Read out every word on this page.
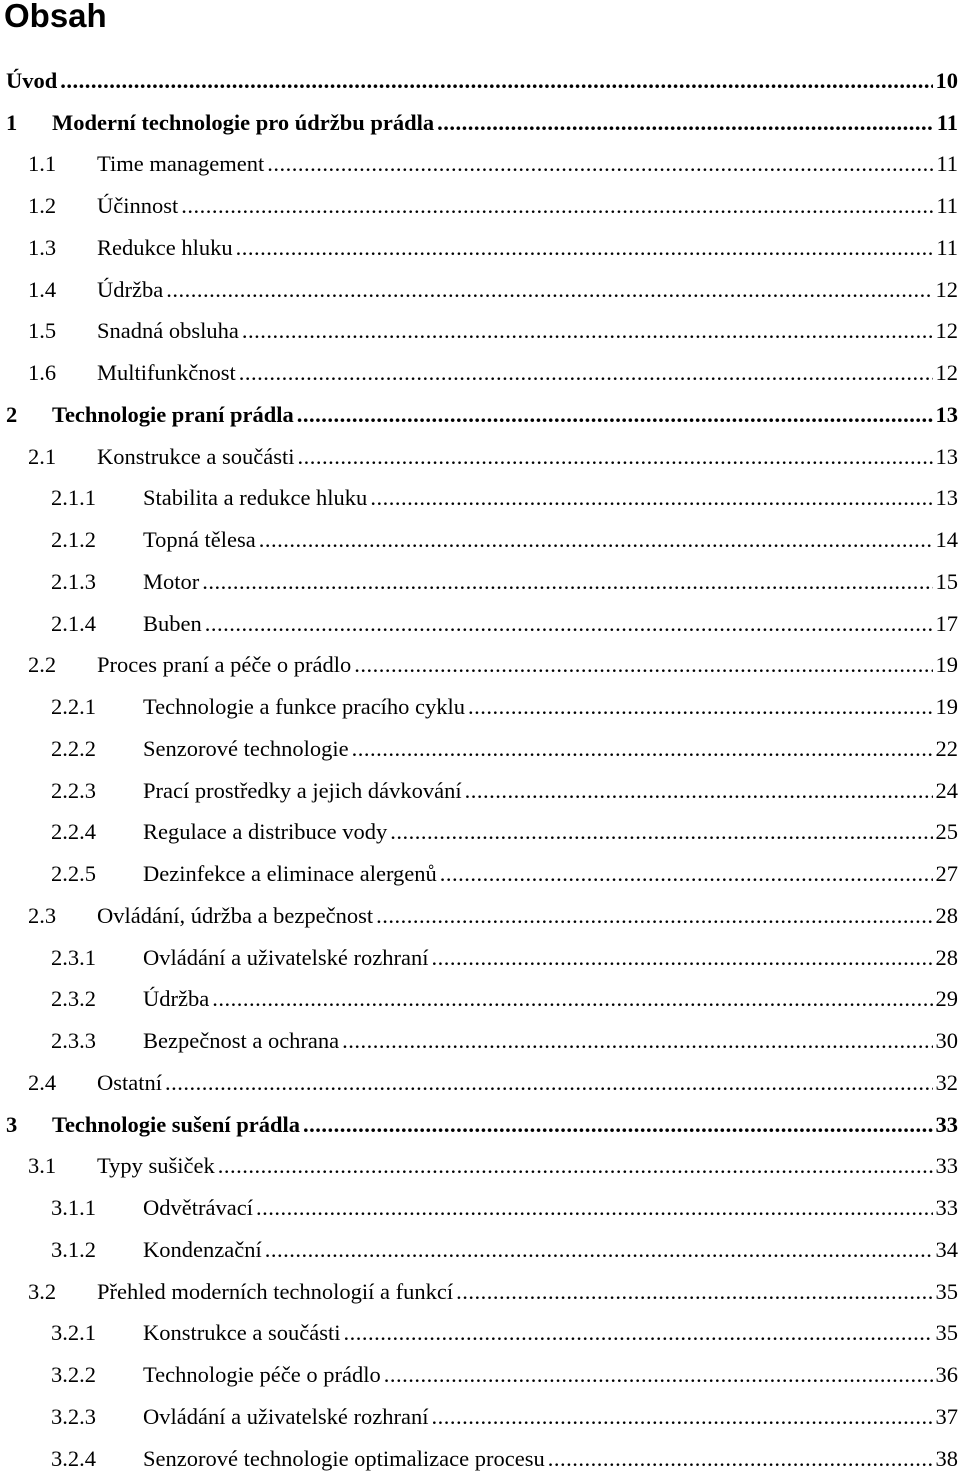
Obsah
Úvod .....	10
1	Moderní technologie pro údržbu prádla .....	11
1.1	Time management .....	11
1.2	Účinnost .....	11
1.3	Redukce hluku .....	11
1.4	Údržba .....	12
1.5	Snadná obsluha .....	12
1.6	Multifunkčnost .....	12
2	Technologie praní prádla .....	13
2.1	Konstrukce a součásti .....	13
2.1.1	Stabilita a redukce hluku .....	13
2.1.2	Topná tělesa .....	14
2.1.3	Motor .....	15
2.1.4	Buben .....	17
2.2	Proces praní a péče o prádlo .....	19
2.2.1	Technologie a funkce pracího cyklu .....	19
2.2.2	Senzorové technologie .....	22
2.2.3	Prací prostředky a jejich dávkování .....	24
2.2.4	Regulace a distribuce vody .....	25
2.2.5	Dezinfekce a eliminace alergenů .....	27
2.3	Ovládání, údržba a bezpečnost .....	28
2.3.1	Ovládání a uživatelské rozhraní .....	28
2.3.2	Údržba .....	29
2.3.3	Bezpečnost a ochrana .....	30
2.4	Ostatní .....	32
3	Technologie sušení prádla .....	33
3.1	Typy sušiček .....	33
3.1.1	Odvětrávací .....	33
3.1.2	Kondenzační .....	34
3.2	Přehled moderních technologií a funkcí .....	35
3.2.1	Konstrukce a součásti .....	35
3.2.2	Technologie péče o prádlo .....	36
3.2.3	Ovládání a uživatelské rozhraní .....	37
3.2.4	Senzorové technologie optimalizace procesu .....	38
